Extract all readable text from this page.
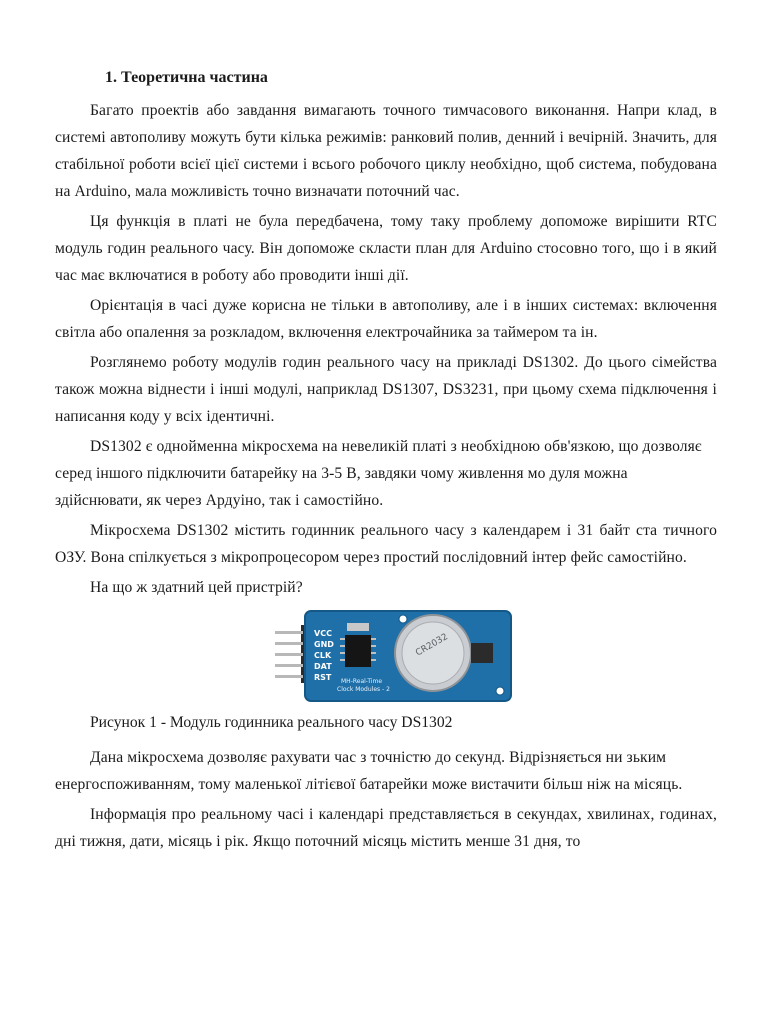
1. Теоретична частина

Багато проектів або завдання вимагають точного тимчасового виконання. Напри клад, в системі автополиву можуть бути кілька режимів: ранковий полив, денний і вечірній. Значить, для стабільної роботи всієї цієї системи і всього робочого циклу необхідно, щоб система, побудована на Arduino, мала можливість точно визначати поточний час.

Ця функція в платі не була передбачена, тому таку проблему допоможе вирішити RTC модуль годин реального часу. Він допоможе скласти план для Arduino стосовно того, що і в який час має включатися в роботу або проводити інші дії.

Орієнтація в часі дуже корисна не тільки в автополиву, але і в інших системах: включення світла або опалення за розкладом, включення електрочайника за таймером та ін.

Розглянемо роботу модулів годин реального часу на прикладі DS1302. До цього сімейства також можна віднести і інші модулі, наприклад DS1307, DS3231, при цьому схема підключення і написання коду у всіх ідентичні.

DS1302 є однойменна мікросхема на невеликій платі з необхідною обв'язкою, що дозволяє серед іншого підключити батарейку на 3-5 В, завдяки чому живлення мо дуля можна здійснювати, як через Ардуіно, так і самостійно.

Мікросхема DS1302 містить годинник реального часу з календарем і 31 байт ста тичного ОЗУ. Вона спілкується з мікропроцесором через простий послідовний інтер фейс самостійно.

На що ж здатний цей пристрій?

VCC
GND
CLK
DAT
RST
CR2032
MH-Real-Time
Clock Modules - 2
Рисунок 1 - Модуль годинника реального часу DS1302

Дана мікросхема дозволяє рахувати час з точністю до секунд. Відрізняється ни зьким енергоспоживанням, тому маленької літієвої батарейки може вистачити більш ніж на місяць.

Інформація про реальному часі і календарі представляється в секундах, хвилинах, годинах, дні тижня, дати, місяць і рік. Якщо поточний місяць містить менше 31 дня, то
